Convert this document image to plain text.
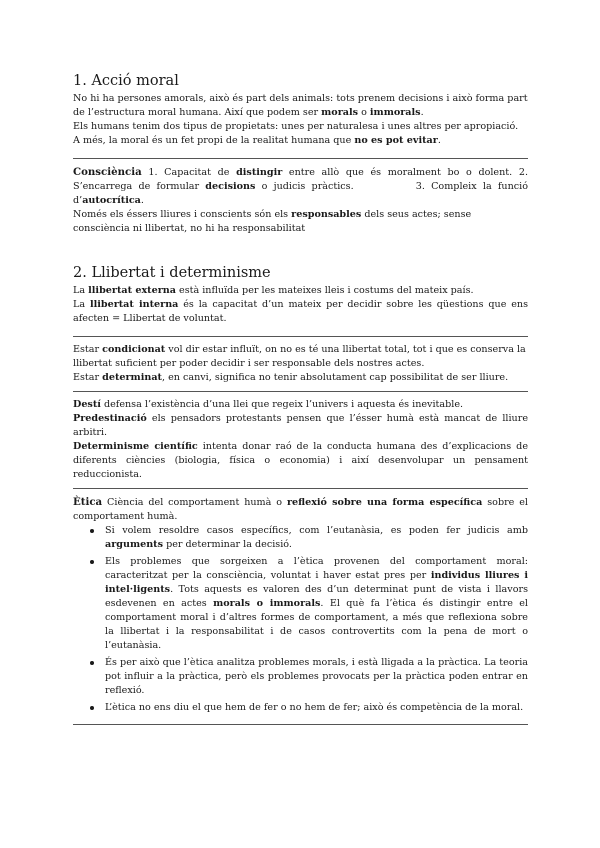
1. Acció moral

No hi ha persones amorals, això és part dels animals: tots prenem decisions i això forma part de l’estructura moral humana. Així que podem ser morals o immorals.

Els humans tenim dos tipus de propietats: unes per naturalesa i unes altres per apropiació.

A més, la moral és un fet propi de la realitat humana que no es pot evitar.

Consciència 1. Capacitat de distingir entre allò que és moralment bo o dolent. 2. S’encarrega de formular decisions o judicis pràctics.          3. Compleix la funció d’autocrítica.

Només els éssers lliures i conscients són els responsables dels seus actes; sense consciència ni llibertat, no hi ha responsabilitat

2. Llibertat i determinisme

La llibertat externa està influïda per les mateixes lleis i costums del mateix país.

La llibertat interna és la capacitat d’un mateix per decidir sobre les qüestions que ens afecten = Llibertat de voluntat.

Estar condicionat vol dir estar influït, on no es té una llibertat total, tot i que es conserva la llibertat suficient per poder decidir i ser responsable dels nostres actes.

Estar determinat, en canvi, significa no tenir absolutament cap possibilitat de ser lliure.

Destí defensa l’existència d’una llei que regeix l’univers i aquesta és inevitable.

Predestinació els pensadors protestants pensen que l’ésser humà està mancat de lliure arbitri.

Determinisme científic intenta donar raó de la conducta humana des d’explicacions de diferents ciències (biologia, física o economia) i així desenvolupar un pensament reduccionista.

Ètica Ciència del comportament humà o reflexió sobre una forma específica sobre el comportament humà.

Si volem resoldre casos específics, com l’eutanàsia, es poden fer judicis amb arguments per determinar la decisió.
Els problemes que sorgeixen a l’ètica provenen del comportament moral: caracteritzat per la consciència, voluntat i haver estat pres per individus lliures i intel·ligents. Tots aquests es valoren des d’un determinat punt de vista i llavors esdevenen en actes morals o immorals. El què fa l’ètica és distingir entre el comportament moral i d’altres formes de comportament, a més que reflexiona sobre la llibertat i la responsabilitat i de casos controvertits com la pena de mort o l’eutanàsia.
És per això que l’ètica analitza problemes morals, i està lligada a la pràctica. La teoria pot influir a la pràctica, però els problemes provocats per la pràctica poden entrar en reflexió.
L’ètica no ens diu el que hem de fer o no hem de fer; això és competència de la moral.
